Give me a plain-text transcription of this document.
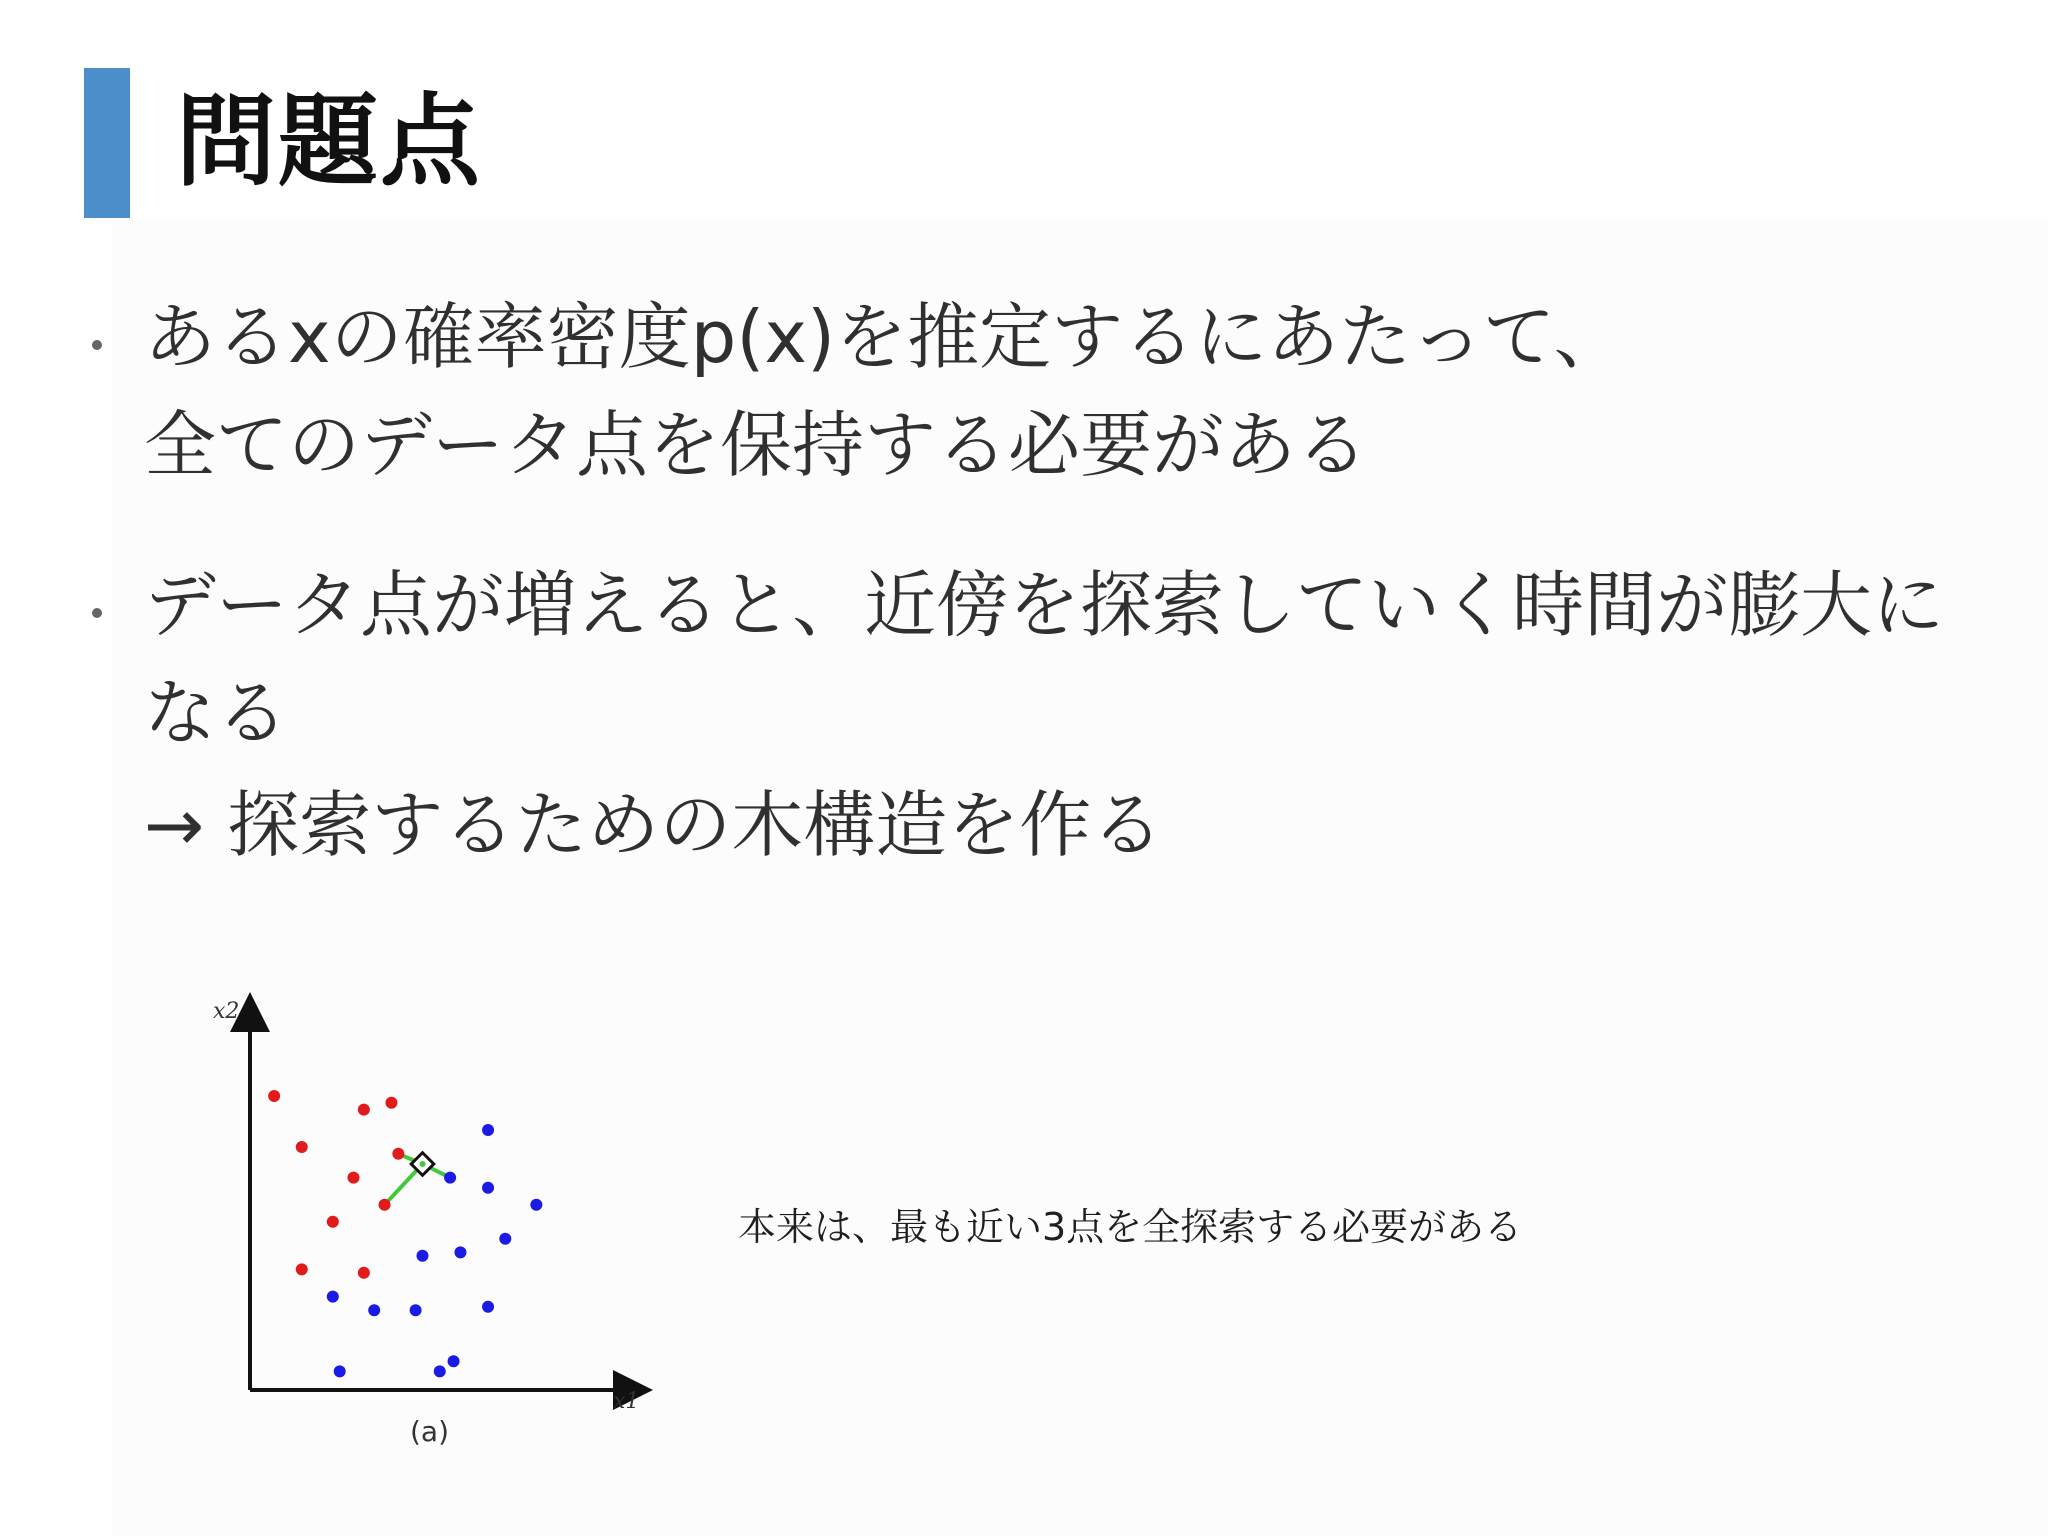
問題点
あるxの確率密度p(x)を推定するにあたって、
全てのデータ点を保持する必要がある
データ点が増えると、近傍を探索していく時間が膨大に
なる
→ 探索するための木構造を作る
x2
x1
(a)
本来は、最も近い3点を全探索する必要がある
